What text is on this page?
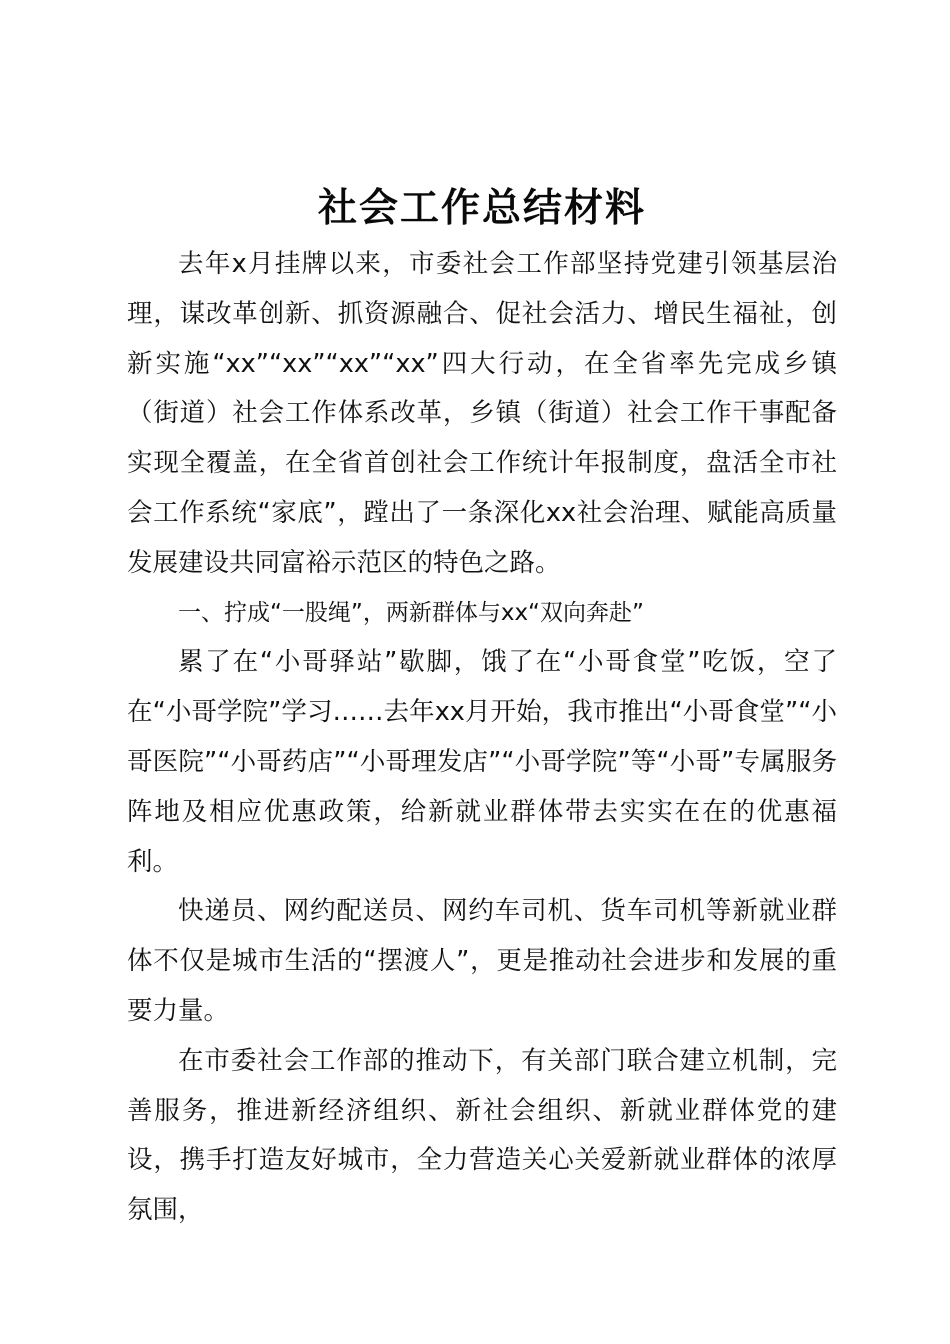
社会工作总结材料

去年x月挂牌以来，市委社会工作部坚持党建引领基层治理，谋改革创新、抓资源融合、促社会活力、增民生福祉，创新实施“xx”“xx”“xx”“xx”四大行动，在全省率先完成乡镇（街道）社会工作体系改革，乡镇（街道）社会工作干事配备实现全覆盖，在全省首创社会工作统计年报制度，盘活全市社会工作系统“家底”，蹚出了一条深化xx社会治理、赋能高质量发展建设共同富裕示范区的特色之路。

一、拧成“一股绳”，两新群体与xx“双向奔赴”

累了在“小哥驿站”歇脚，饿了在“小哥食堂”吃饭，空了在“小哥学院”学习……去年xx月开始，我市推出“小哥食堂”“小哥医院”“小哥药店”“小哥理发店”“小哥学院”等“小哥”专属服务阵地及相应优惠政策，给新就业群体带去实实在在的优惠福利。

快递员、网约配送员、网约车司机、货车司机等新就业群体不仅是城市生活的“摆渡人”，更是推动社会进步和发展的重要力量。

在市委社会工作部的推动下，有关部门联合建立机制，完善服务，推进新经济组织、新社会组织、新就业群体党的建设，携手打造友好城市，全力营造关心关爱新就业群体的浓厚氛围，
